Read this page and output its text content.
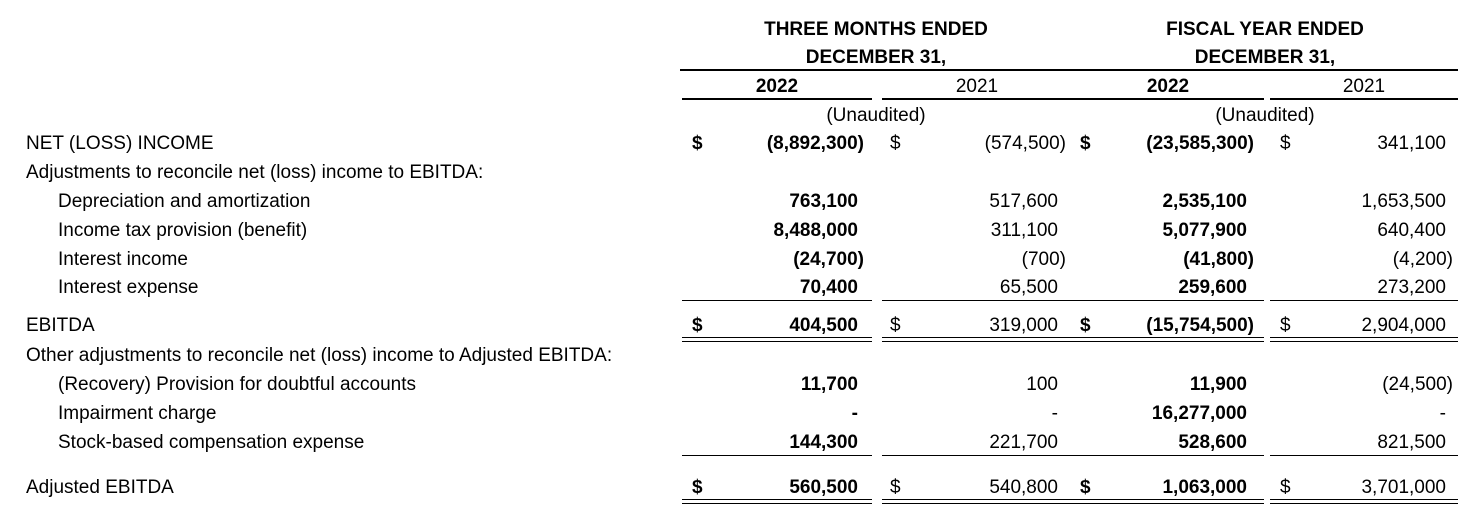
THREE MONTHS ENDED
DECEMBER 31,
FISCAL YEAR ENDED
DECEMBER 31,
2022	2021	2022	2021
(Unaudited)	(Unaudited)
NET (LOSS) INCOME	$	(8,892,300) $	(574,500) $	(23,585,300) $	341,100
Adjustments to reconcile net (loss) income to EBITDA:
Depreciation and amortization	763,100	517,600	2,535,100	1,653,500
Income tax provision (benefit)	8,488,000	311,100	5,077,900	640,400
Interest income	(24,700)	(700)	(41,800)	(4,200)
Interest expense	70,400	65,500	259,600	273,200
EBITDA	$	404,500 $	319,000 $	(15,754,500) $	2,904,000
Other adjustments to reconcile net (loss) income to Adjusted EBITDA:
(Recovery) Provision for doubtful accounts	11,700	100	11,900	(24,500)
Impairment charge	-	-	16,277,000	-
Stock-based compensation expense	144,300	221,700	528,600	821,500
Adjusted EBITDA	$	560,500 $	540,800 $	1,063,000 $	3,701,000
